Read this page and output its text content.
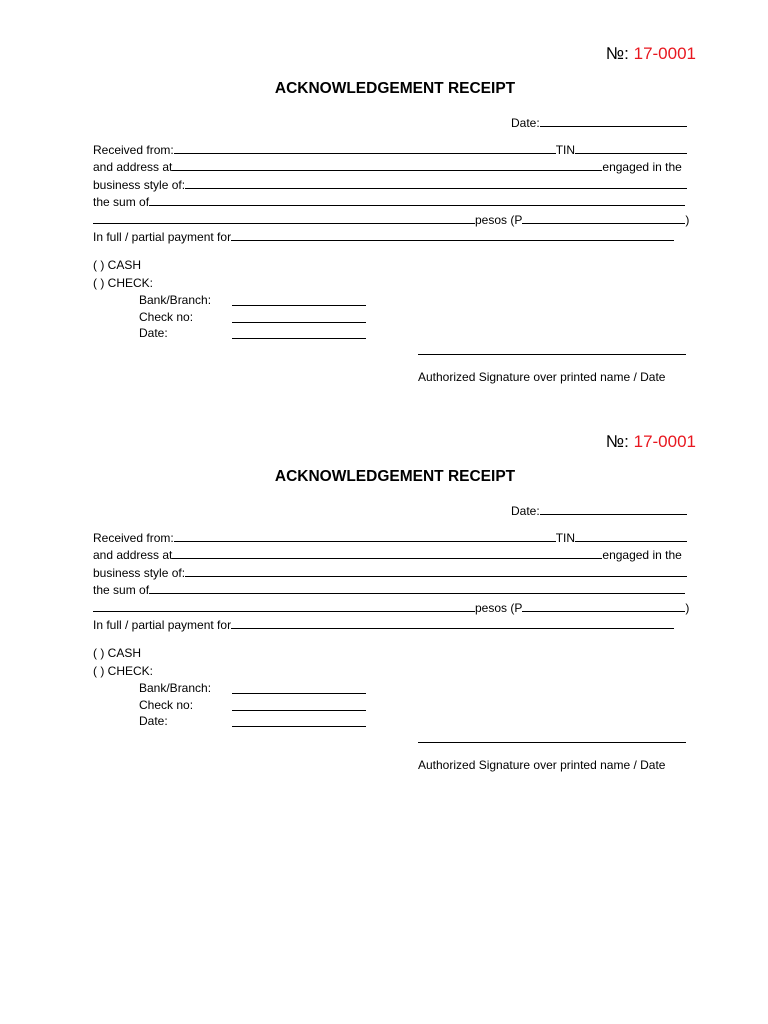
№: 17-0001
ACKNOWLEDGEMENT RECEIPT
Date:
Received from:	TIN
and address at	engaged in the
business style of:
the sum of
pesos (P	)
In full / partial payment for
( ) CASH
( ) CHECK:
Bank/Branch:
Check no:
Date:
Authorized Signature over printed name / Date
№: 17-0001
ACKNOWLEDGEMENT RECEIPT
Date:
Received from:	TIN
and address at	engaged in the
business style of:
the sum of
pesos (P	)
In full / partial payment for
( ) CASH
( ) CHECK:
Bank/Branch:
Check no:
Date:
Authorized Signature over printed name / Date
